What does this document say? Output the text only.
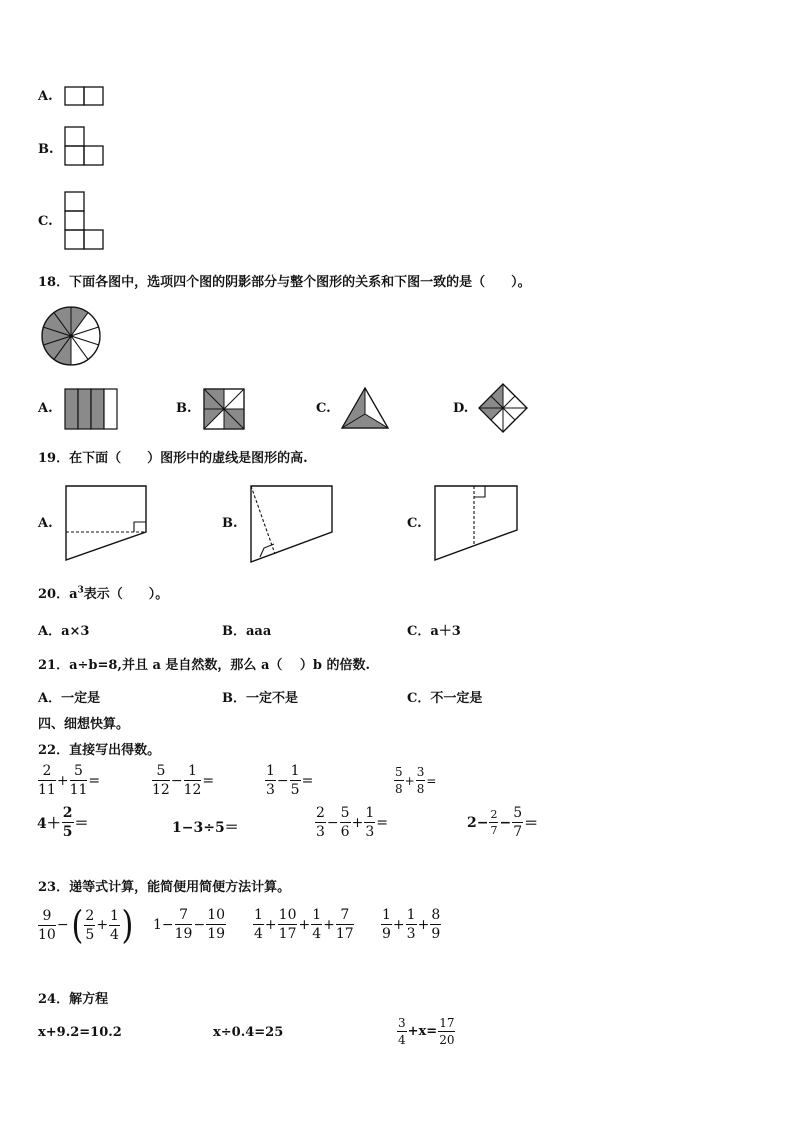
A.
B.
C.
18．下面各图中，选项四个图的阴影部分与整个图形的关系和下图一致的是（　　）。
A.	B.	C.	D.
19．在下面（　　）图形中的虚线是图形的高.
A.	B.	C.
20．$a^3$表示（　　）。
A．a×3	B．aaa	C．a＋3
21．a÷b=8,并且 a 是自然数，那么 a（　 ）b 的倍数.
A．一定是	B．一定不是	C．不一定是
四、细想快算。
22．直接写出得数。
$\frac{2}{11} + \frac{5}{11}$ =	$\frac{5}{12} - \frac{1}{12}$ =	$\frac{1}{3} - \frac{1}{5}$ =	$\frac{5}{8} + \frac{3}{8}$ =
$4+ \frac{2}{5}$ ＝	1−3÷5＝	$\frac{2}{3} - \frac{5}{6} + \frac{1}{3}$ =	$2- \frac{2}{7} - \frac{5}{7}$ ＝
23．递等式计算，能简便用简便方法计算。
$\frac{9}{10}$ −( $\frac{2}{5} + \frac{1}{4}$ ) $1- \frac{7}{19} - \frac{10}{19} \frac{1}{4} + \frac{10}{17} + \frac{1}{4} + \frac{7}{17} \frac{1}{9} + \frac{1}{3} + \frac{8}{9}$
24．解方程
x+9.2=10.2	x÷0.4=25	$\frac{3}{4} +x= \frac{17}{20}$
